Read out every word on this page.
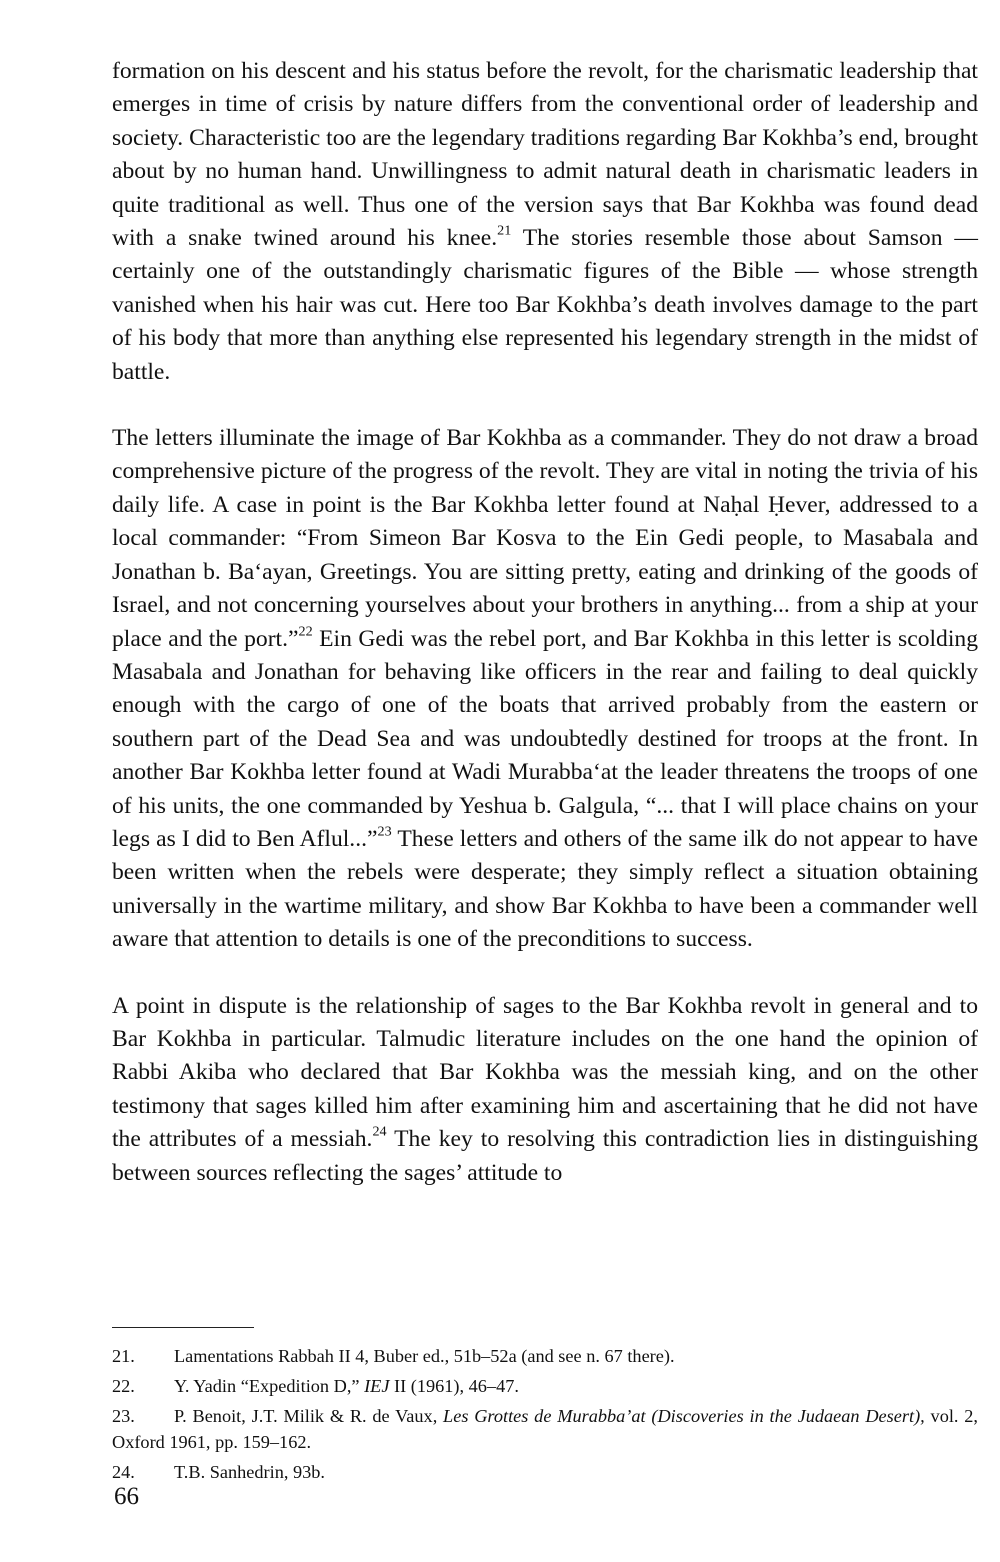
formation on his descent and his status before the revolt, for the charismatic leadership that emerges in time of crisis by nature differs from the conventional order of leadership and society. Characteristic too are the legendary traditions regarding Bar Kokhba’s end, brought about by no human hand. Unwillingness to admit natural death in charismatic leaders in quite traditional as well. Thus one of the version says that Bar Kokhba was found dead with a snake twined around his knee.$^{21}$ The stories resemble those about Samson — certainly one of the outstandingly charismatic figures of the Bible — whose strength vanished when his hair was cut. Here too Bar Kokhba’s death involves damage to the part of his body that more than anything else represented his legendary strength in the midst of battle.

The letters illuminate the image of Bar Kokhba as a commander. They do not draw a broad comprehensive picture of the progress of the revolt. They are vital in noting the trivia of his daily life. A case in point is the Bar Kokhba letter found at Naḥal Ḥever, addressed to a local commander: “From Simeon Bar Kosva to the Ein Gedi people, to Masabala and Jonathan b. Ba‘ayan, Greetings. You are sitting pretty, eating and drinking of the goods of Israel, and not concerning yourselves about your brothers in anything... from a ship at your place and the port.”$^{22}$ Ein Gedi was the rebel port, and Bar Kokhba in this letter is scolding Masabala and Jonathan for behaving like officers in the rear and failing to deal quickly enough with the cargo of one of the boats that arrived probably from the eastern or southern part of the Dead Sea and was undoubtedly destined for troops at the front. In another Bar Kokhba letter found at Wadi Murabba‘at the leader threatens the troops of one of his units, the one commanded by Yeshua b. Galgula, “... that I will place chains on your legs as I did to Ben Aflul...”$^{23}$ These letters and others of the same ilk do not appear to have been written when the rebels were desperate; they simply reflect a situation obtaining universally in the wartime military, and show Bar Kokhba to have been a commander well aware that attention to details is one of the preconditions to success.

A point in dispute is the relationship of sages to the Bar Kokhba revolt in general and to Bar Kokhba in particular. Talmudic literature includes on the one hand the opinion of Rabbi Akiba who declared that Bar Kokhba was the messiah king, and on the other testimony that sages killed him after examining him and ascertaining that he did not have the attributes of a messiah.$^{24}$ The key to resolving this contradiction lies in distinguishing between sources reflecting the sages’ attitude to

21. Lamentations Rabbah II 4, Buber ed., 51b–52a (and see n. 67 there).
22. Y. Yadin “Expedition D,” IEJ II (1961), 46–47.
23. P. Benoit, J.T. Milik & R. de Vaux, Les Grottes de Murabba’at (Discoveries in the Judaean Desert), vol. 2, Oxford 1961, pp. 159–162.
24. T.B. Sanhedrin, 93b.
66
